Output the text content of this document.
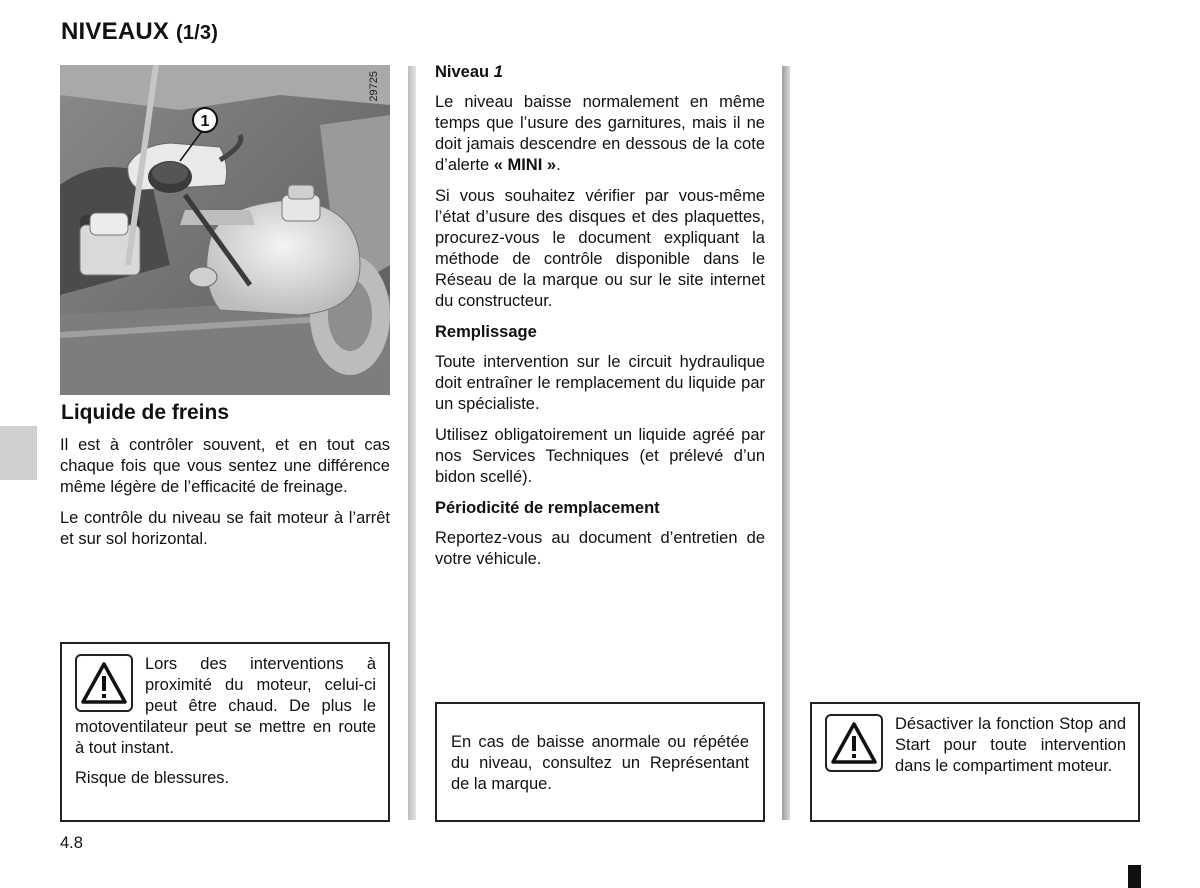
NIVEAUX (1/3)
1
29725
Liquide de freins

Il est à contrôler souvent, et en tout cas chaque fois que vous sentez une différence même légère de l’efficacité de freinage.

Le contrôle du niveau se fait moteur à l’arrêt et sur sol horizontal.

Lors des interventions à proximité du moteur, celui-ci peut être chaud. De plus le motoventilateur peut se mettre en route à tout instant.

Risque de blessures.

Niveau 1

Le niveau baisse normalement en même temps que l’usure des garnitures, mais il ne doit jamais descendre en dessous de la cote d’alerte « MINI ».

Si vous souhaitez vérifier par vous-même l’état d’usure des disques et des plaquettes, procurez-vous le document expliquant la méthode de contrôle disponible dans le Réseau de la marque ou sur le site internet du constructeur.

Remplissage

Toute intervention sur le circuit hydraulique doit entraîner le remplacement du liquide par un spécialiste.

Utilisez obligatoirement un liquide agréé par nos Services Techniques (et prélevé d’un bidon scellé).

Périodicité de remplacement

Reportez-vous au document d’entretien de votre véhicule.

En cas de baisse anormale ou répétée du niveau, consultez un Représentant de la marque.

Désactiver la fonction Stop and Start pour toute intervention dans le compartiment moteur.

4.8
